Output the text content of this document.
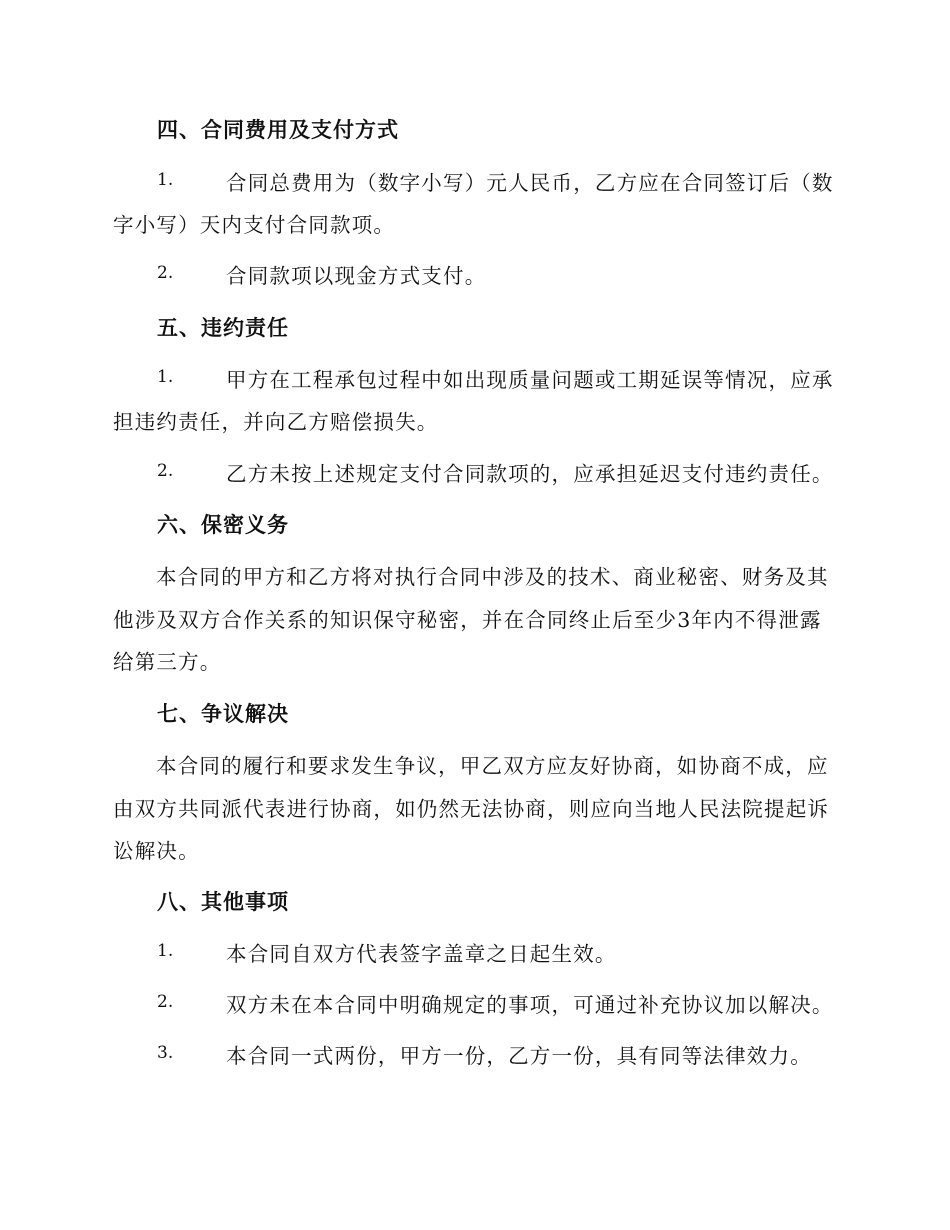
四、合同费用及支付方式
1.	合同总费用为（数字小写）元人民币，乙方应在合同签订后（数
字小写）天内支付合同款项。
2.	合同款项以现金方式支付。
五、违约责任
1.	甲方在工程承包过程中如出现质量问题或工期延误等情况，应承
担违约责任，并向乙方赔偿损失。
2.	乙方未按上述规定支付合同款项的，应承担延迟支付违约责任。
六、保密义务
本合同的甲方和乙方将对执行合同中涉及的技术、商业秘密、财务及其
他涉及双方合作关系的知识保守秘密，并在合同终止后至少3年内不得泄露
给第三方。
七、争议解决
本合同的履行和要求发生争议，甲乙双方应友好协商，如协商不成，应
由双方共同派代表进行协商，如仍然无法协商，则应向当地人民法院提起诉
讼解决。
八、其他事项
1.	本合同自双方代表签字盖章之日起生效。
2.	双方未在本合同中明确规定的事项，可通过补充协议加以解决。
3.	本合同一式两份，甲方一份，乙方一份，具有同等法律效力。
